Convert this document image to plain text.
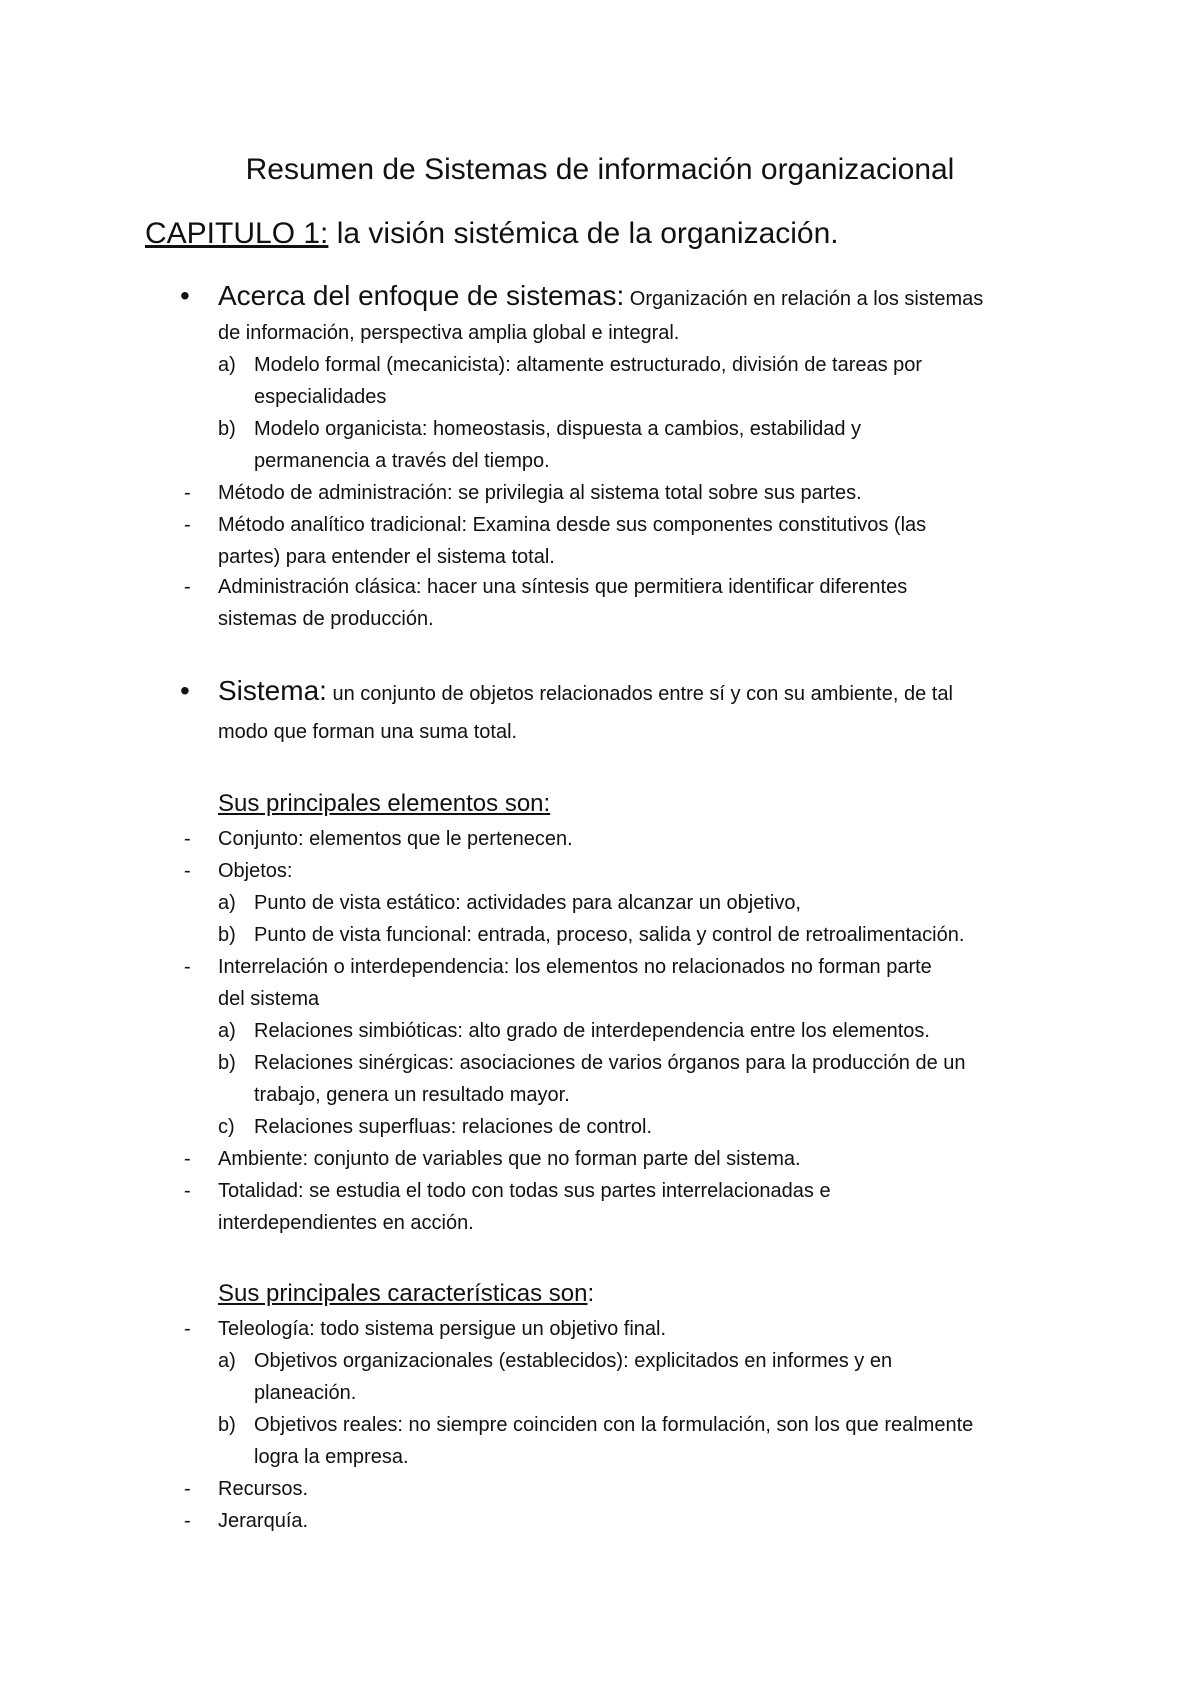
Resumen de Sistemas de información organizacional
CAPITULO 1: la visión sistémica de la organización.
• Acerca del enfoque de sistemas: Organización en relación a los sistemas
de información, perspectiva amplia global e integral.
a) Modelo formal (mecanicista): altamente estructurado, división de tareas por
especialidades
b) Modelo organicista: homeostasis, dispuesta a cambios, estabilidad y
permanencia a través del tiempo.
- Método de administración: se privilegia al sistema total sobre sus partes.
- Método analítico tradicional: Examina desde sus componentes constitutivos (las
partes) para entender el sistema total.
- Administración clásica: hacer una síntesis que permitiera identificar diferentes
sistemas de producción.
• Sistema: un conjunto de objetos relacionados entre sí y con su ambiente, de tal
modo que forman una suma total.
Sus principales elementos son:
- Conjunto: elementos que le pertenecen.
- Objetos:
a) Punto de vista estático: actividades para alcanzar un objetivo,
b) Punto de vista funcional: entrada, proceso, salida y control de retroalimentación.
- Interrelación o interdependencia: los elementos no relacionados no forman parte
del sistema
a) Relaciones simbióticas: alto grado de interdependencia entre los elementos.
b) Relaciones sinérgicas: asociaciones de varios órganos para la producción de un
trabajo, genera un resultado mayor.
c) Relaciones superfluas: relaciones de control.
- Ambiente: conjunto de variables que no forman parte del sistema.
- Totalidad: se estudia el todo con todas sus partes interrelacionadas e
interdependientes en acción.
Sus principales características son:
- Teleología: todo sistema persigue un objetivo final.
a) Objetivos organizacionales (establecidos): explicitados en informes y en
planeación.
b) Objetivos reales: no siempre coinciden con la formulación, son los que realmente
logra la empresa.
- Recursos.
- Jerarquía.
